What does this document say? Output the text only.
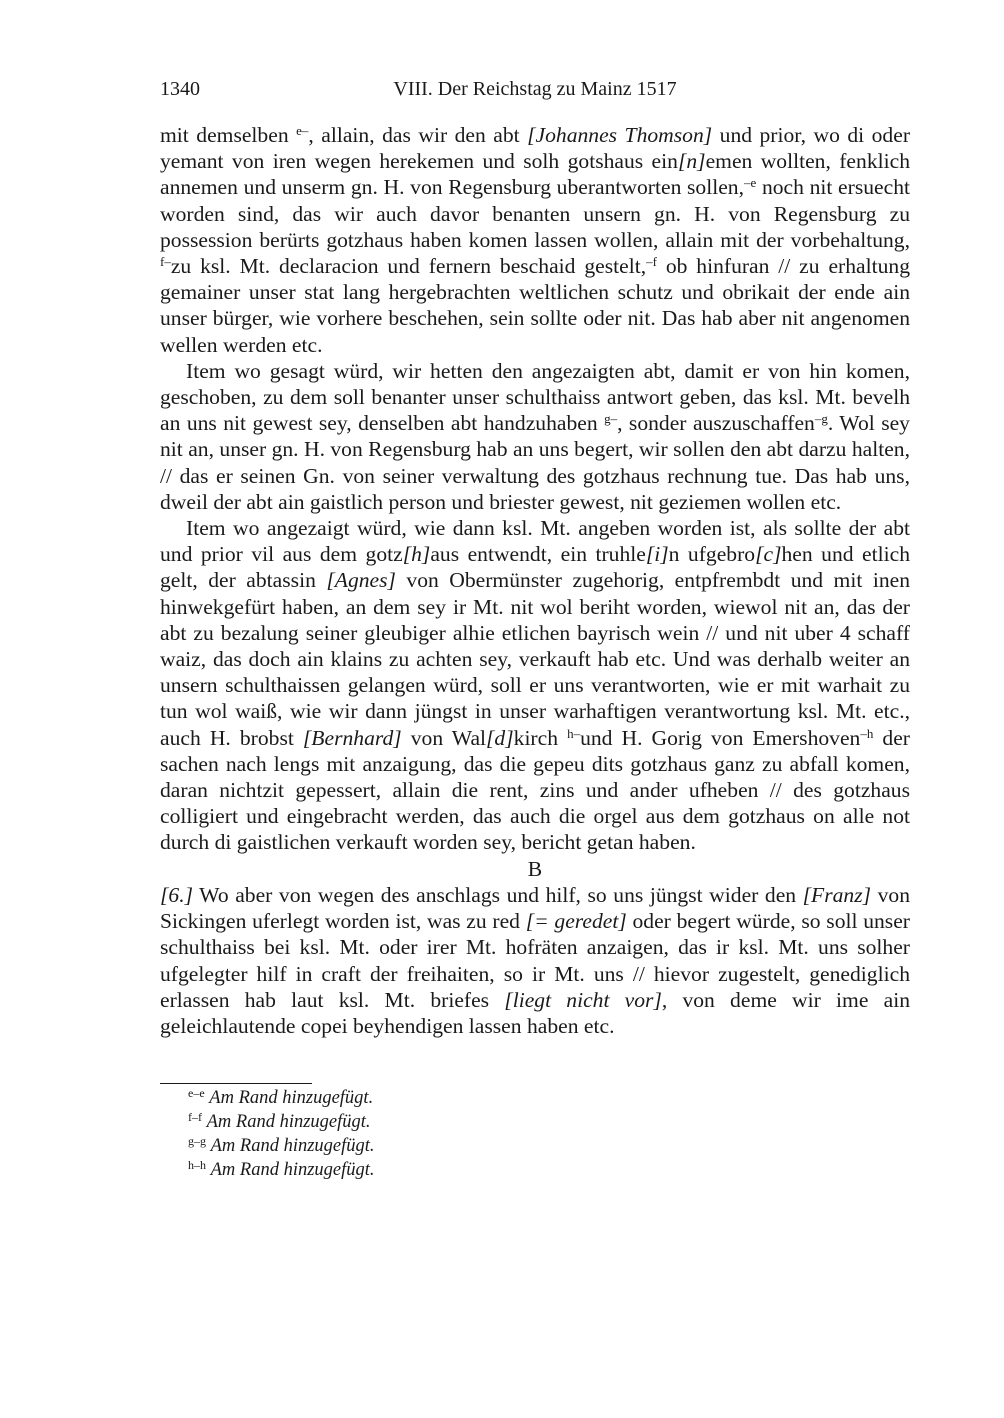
1340	VIII. Der Reichstag zu Mainz 1517

mit demselben $^{e-}$, allain, das wir den abt [Johannes Thomson] und prior, wo di oder yemant von iren wegen herekemen und solh gotshaus ein[n]emen wollten, fenklich annemen und unserm gn. H. von Regensburg uberantworten sollen,$^{-e}$ noch nit ersuecht worden sind, das wir auch davor benanten unsern gn. H. von Regensburg zu possession berürts gotzhaus haben komen lassen wollen, allain mit der vorbehaltung, $^{f-}$zu ksl. Mt. declaracion und fernern beschaid gestelt,$^{-f}$ ob hinfuran // zu erhaltung gemainer unser stat lang hergebrachten weltlichen schutz und obrikait der ende ain unser bürger, wie vorhere beschehen, sein sollte oder nit. Das hab aber nit angenomen wellen werden etc.

Item wo gesagt würd, wir hetten den angezaigten abt, damit er von hin komen, geschoben, zu dem soll benanter unser schulthaiss antwort geben, das ksl. Mt. bevelh an uns nit gewest sey, denselben abt handzuhaben $^{g-}$, sonder auszuschaffen$^{-g}$. Wol sey nit an, unser gn. H. von Regensburg hab an uns begert, wir sollen den abt darzu halten, // das er seinen Gn. von seiner verwaltung des gotzhaus rechnung tue. Das hab uns, dweil der abt ain gaistlich person und briester gewest, nit geziemen wollen etc.

Item wo angezaigt würd, wie dann ksl. Mt. angeben worden ist, als sollte der abt und prior vil aus dem gotz[h]aus entwendt, ein truhle[i]n ufgebro[c]hen und etlich gelt, der abtassin [Agnes] von Obermünster zugehorig, entpfrembdt und mit inen hinwekgefürt haben, an dem sey ir Mt. nit wol beriht worden, wiewol nit an, das der abt zu bezalung seiner gleubiger alhie etlichen bayrisch wein // und nit uber 4 schaff waiz, das doch ain klains zu achten sey, verkauft hab etc. Und was derhalb weiter an unsern schulthaissen gelangen würd, soll er uns verantworten, wie er mit warhait zu tun wol waiß, wie wir dann jüngst in unser warhaftigen verantwortung ksl. Mt. etc., auch H. brobst [Bernhard] von Wal[d]kirch $^{h-}$und H. Gorig von Emershoven$^{-h}$ der sachen nach lengs mit anzaigung, das die gepeu dits gotzhaus ganz zu abfall komen, daran nichtzit gepessert, allain die rent, zins und ander ufheben // des gotzhaus colligiert und eingebracht werden, das auch die orgel aus dem gotzhaus on alle not durch di gaistlichen verkauft worden sey, bericht getan haben.

B

[6.] Wo aber von wegen des anschlags und hilf, so uns jüngst wider den [Franz] von Sickingen uferlegt worden ist, was zu red [= geredet] oder begert würde, so soll unser schulthaiss bei ksl. Mt. oder irer Mt. hofräten anzaigen, das ir ksl. Mt. uns solher ufgelegter hilf in craft der freihaiten, so ir Mt. uns // hievor zugestelt, genediglich erlassen hab laut ksl. Mt. briefes [liegt nicht vor], von deme wir ime ain geleichlautende copei beyhendigen lassen haben etc.

$^{e-e}$ Am Rand hinzugefügt.
$^{f-f}$ Am Rand hinzugefügt.
$^{g-g}$ Am Rand hinzugefügt.
$^{h-h}$ Am Rand hinzugefügt.
